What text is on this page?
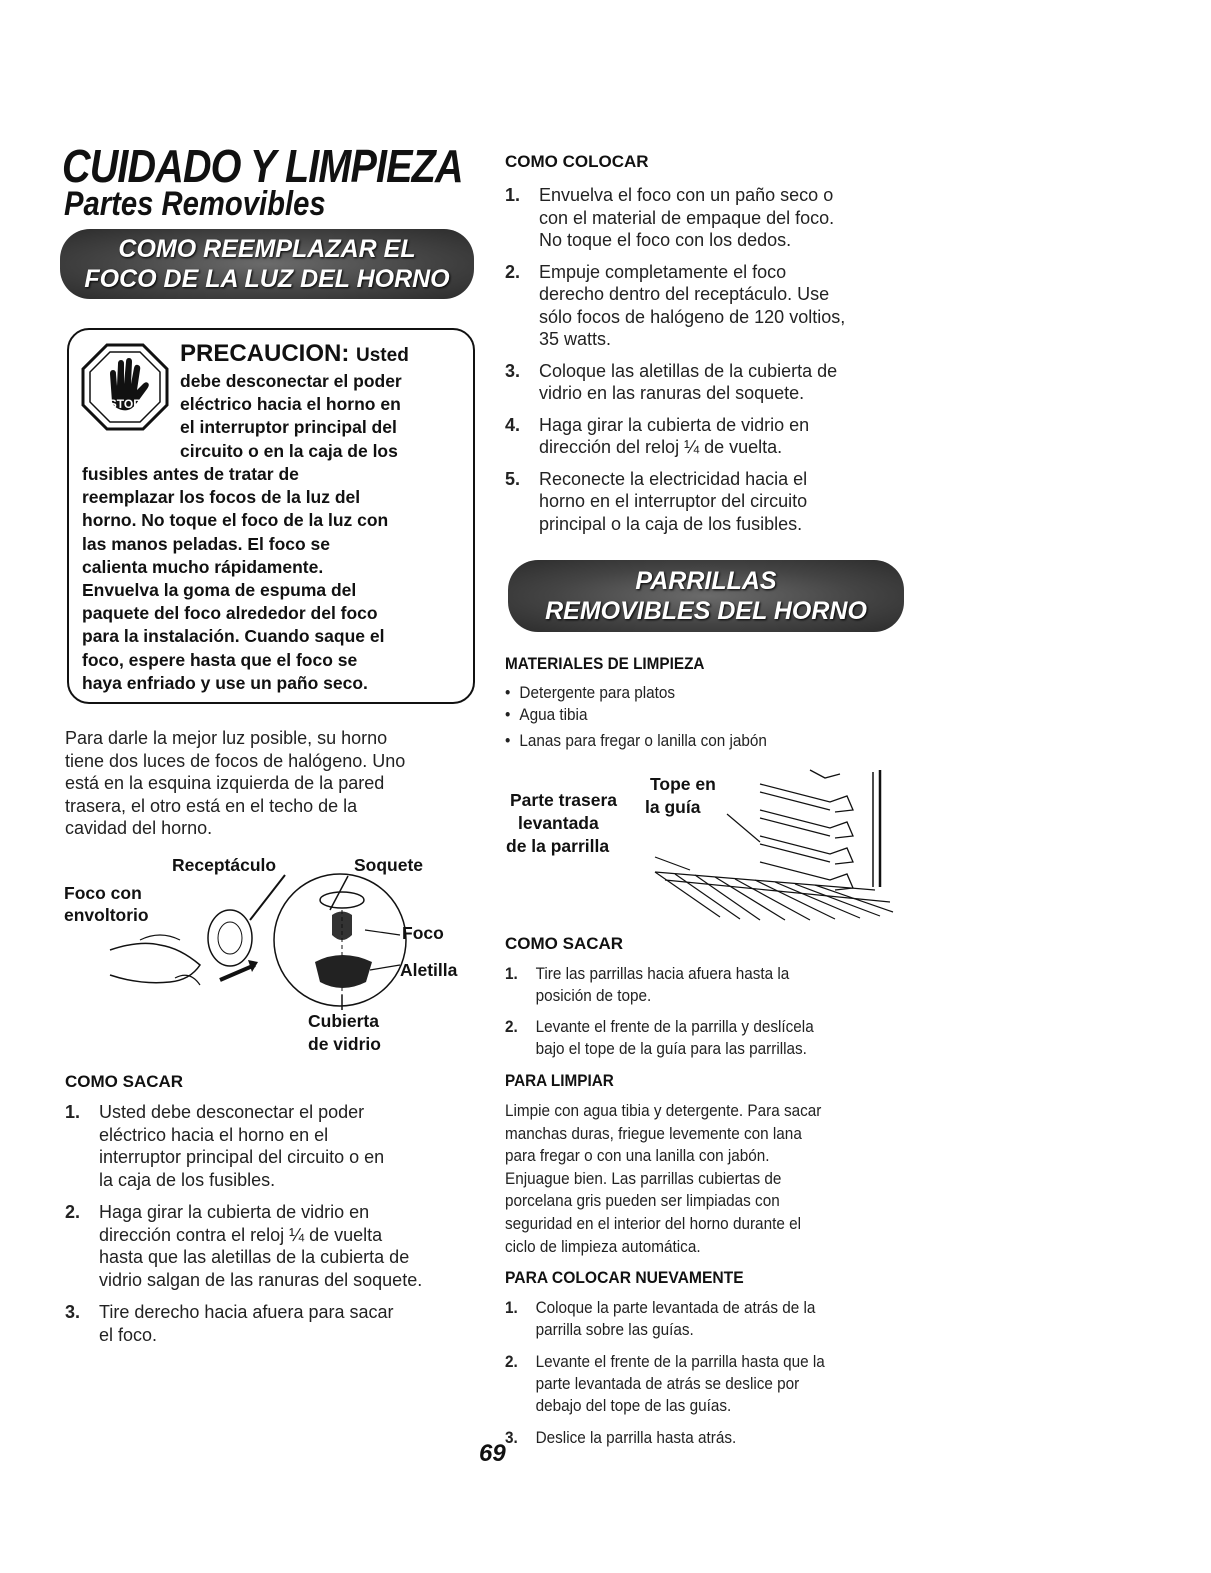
CUIDADO Y LIMPIEZA
Partes Removibles
COMO REEMPLAZAR EL
FOCO DE LA LUZ DEL HORNO
STOP
PRECAUCION: Usted
debe desconectar el poder
eléctrico hacia el horno en
el interruptor principal del
circuito o en la caja de los
fusibles antes de tratar de
reemplazar los focos de la luz del
horno. No toque el foco de la luz con
las manos peladas. El foco se
calienta mucho rápidamente.
Envuelva la goma de espuma del
paquete del foco alrededor del foco
para la instalación. Cuando saque el
foco, espere hasta que el foco se
haya enfriado y use un paño seco.
Para darle la mejor luz posible, su horno
tiene dos luces de focos de halógeno. Uno
está en la esquina izquierda de la pared
trasera, el otro está en el techo de la
cavidad del horno.
Receptáculo	Soquete
Foco con
envoltorio
Foco
Aletilla
Cubierta
de vidrio
COMO SACAR
1. Usted debe desconectar el poder
eléctrico hacia el horno en el
interruptor principal del circuito o en
la caja de los fusibles.
2. Haga girar la cubierta de vidrio en
dirección contra el reloj ¼ de vuelta
hasta que las aletillas de la cubierta de
vidrio salgan de las ranuras del soquete.
3. Tire derecho hacia afuera para sacar
el foco.
COMO COLOCAR
1. Envuelva el foco con un paño seco o
con el material de empaque del foco.
No toque el foco con los dedos.
2. Empuje completamente el foco
derecho dentro del receptáculo. Use
sólo focos de halógeno de 120 voltios,
35 watts.
3. Coloque las aletillas de la cubierta de
vidrio en las ranuras del soquete.
4. Haga girar la cubierta de vidrio en
dirección del reloj ¼ de vuelta.
5. Reconecte la electricidad hacia el
horno en el interruptor del circuito
principal o la caja de los fusibles.
PARRILLAS
REMOVIBLES DEL HORNO
MATERIALES DE LIMPIEZA
• Detergente para platos
• Agua tibia
• Lanas para fregar o lanilla con jabón
Parte trasera
levantada
de la parrilla
Tope en
la guía
COMO SACAR
1. Tire las parrillas hacia afuera hasta la
posición de tope.
2. Levante el frente de la parrilla y deslícela
bajo el tope de la guía para las parrillas.
PARA LIMPIAR
Limpie con agua tibia y detergente. Para sacar
manchas duras, friegue levemente con lana
para fregar o con una lanilla con jabón.
Enjuague bien. Las parrillas cubiertas de
porcelana gris pueden ser limpiadas con
seguridad en el interior del horno durante el
ciclo de limpieza automática.
PARA COLOCAR NUEVAMENTE
1. Coloque la parte levantada de atrás de la
parrilla sobre las guías.
2. Levante el frente de la parrilla hasta que la
parte levantada de atrás se deslice por
debajo del tope de las guías.
3. Deslice la parrilla hasta atrás.
69
